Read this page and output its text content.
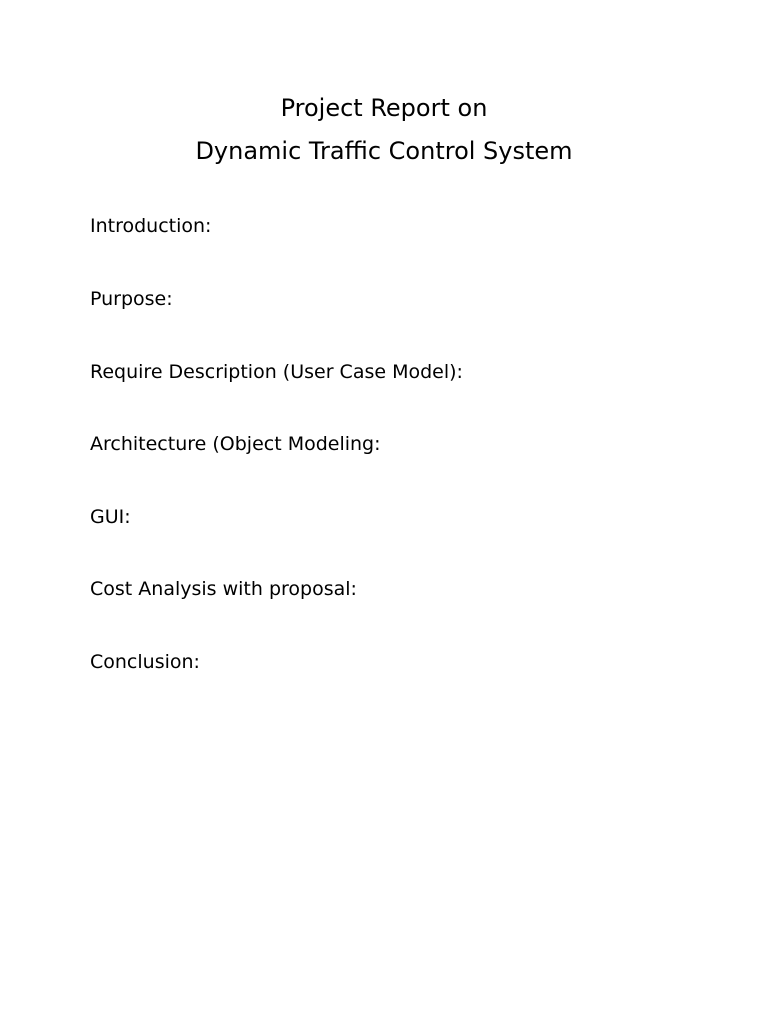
Project Report on
Dynamic Traffic Control System
Introduction:
Purpose:
Require Description (User Case Model):
Architecture (Object Modeling:
GUI:
Cost Analysis with proposal:
Conclusion:
